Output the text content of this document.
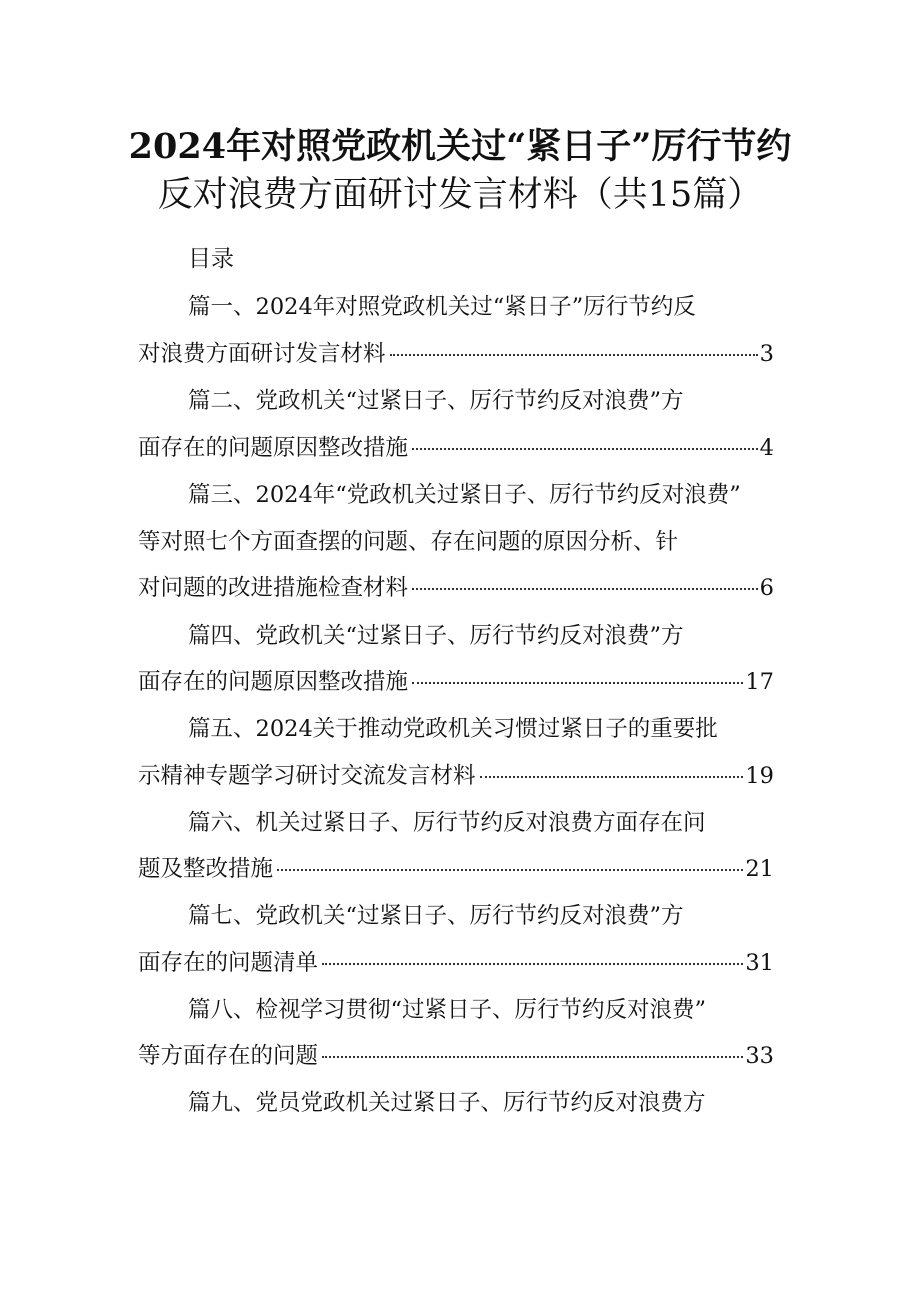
2024年对照党政机关过“紧日子”厉行节约
反对浪费方面研讨发言材料（共15篇）
目录
篇一、2024年对照党政机关过“紧日子”厉行节约反
对浪费方面研讨发言材料	3
篇二、党政机关“过紧日子、厉行节约反对浪费”方
面存在的问题原因整改措施	4
篇三、2024年“党政机关过紧日子、厉行节约反对浪费”
等对照七个方面查摆的问题、存在问题的原因分析、针
对问题的改进措施检查材料	6
篇四、党政机关“过紧日子、厉行节约反对浪费”方
面存在的问题原因整改措施	17
篇五、2024关于推动党政机关习惯过紧日子的重要批
示精神专题学习研讨交流发言材料	19
篇六、机关过紧日子、厉行节约反对浪费方面存在问
题及整改措施	21
篇七、党政机关“过紧日子、厉行节约反对浪费”方
面存在的问题清单	31
篇八、检视学习贯彻“过紧日子、厉行节约反对浪费”
等方面存在的问题	33
篇九、党员党政机关过紧日子、厉行节约反对浪费方
